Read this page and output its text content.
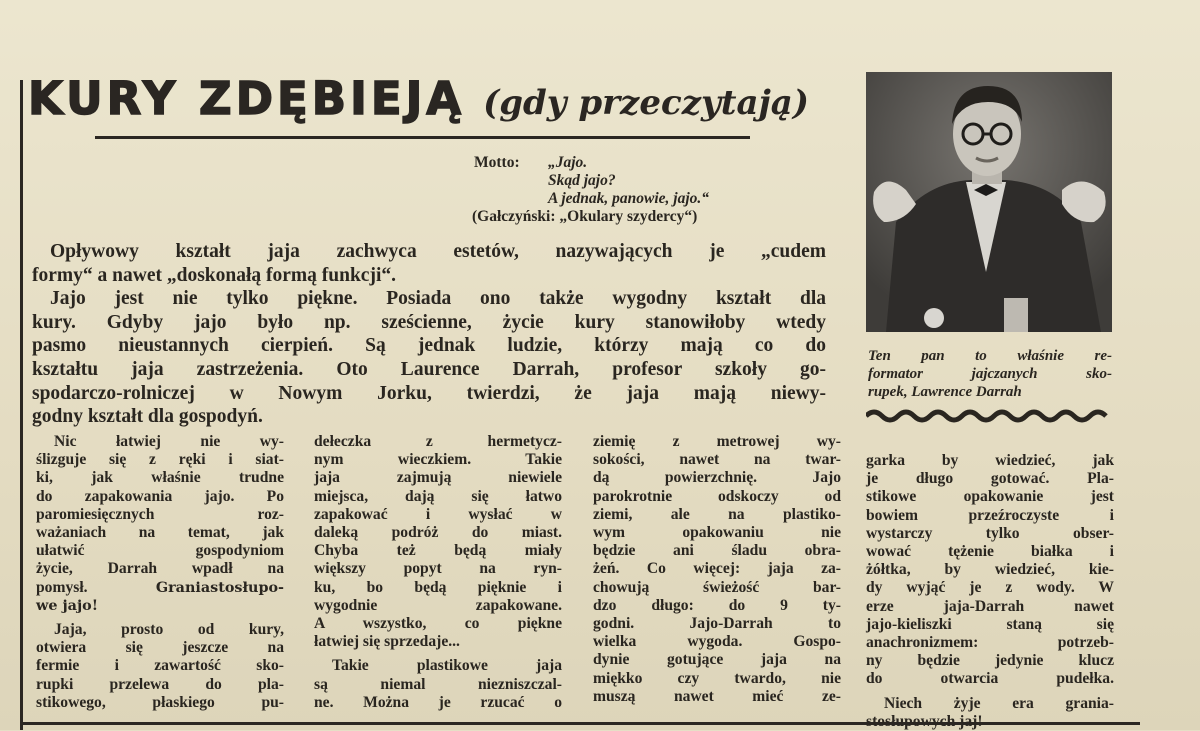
KURY ZDĘBIEJĄ (gdy przeczytają)
Motto: „Jajo.
Skąd jajo?
A jednak, panowie, jajo.“
(Gałczyński: „Okulary szydercy“)
Opływowy kształt jaja zachwyca estetów, nazywających je „cudem
formy“ a nawet „doskonałą formą funkcji“.
Jajo jest nie tylko piękne. Posiada ono także wygodny kształt dla
kury. Gdyby jajo było np. sześcienne, życie kury stanowiłoby wtedy
pasmo nieustannych cierpień. Są jednak ludzie, którzy mają co do
kształtu jaja zastrzeżenia. Oto Laurence Darrah, profesor szkoły go-
spodarczo-rolniczej w Nowym Jorku, twierdzi, że jaja mają niewy-
godny kształt dla gospodyń.
Nic łatwiej nie wy-
ślizguje się z ręki i siat-
ki, jak właśnie trudne
do zapakowania jajo. Po
paromiesięcznych roz-
ważaniach na temat, jak
ułatwić gospodyniom
życie, Darrah wpadł na
pomysł. Graniastosłupo-
we jajo!
Jaja, prosto od kury,
otwiera się jeszcze na
fermie i zawartość sko-
rupki przelewa do pla-
stikowego, płaskiego pu-
dełeczka z hermetycz-
nym wieczkiem. Takie
jaja zajmują niewiele
miejsca, dają się łatwo
zapakować i wysłać w
daleką podróż do miast.
Chyba też będą miały
większy popyt na ryn-
ku, bo będą pięknie i
wygodnie zapakowane.
A wszystko, co piękne
łatwiej się sprzedaje...
Takie plastikowe jaja
są niemal niezniszczal-
ne. Można je rzucać o
ziemię z metrowej wy-
sokości, nawet na twar-
dą powierzchnię. Jajo
parokrotnie odskoczy od
ziemi, ale na plastiko-
wym opakowaniu nie
będzie ani śladu obra-
żeń. Co więcej: jaja za-
chowują świeżość bar-
dzo długo: do 9 ty-
godni. Jajo-Darrah to
wielka wygoda. Gospo-
dynie gotujące jaja na
miękko czy twardo, nie
muszą nawet mieć ze-
garka by wiedzieć, jak
je długo gotować. Pla-
stikowe opakowanie jest
bowiem przeźroczyste i
wystarczy tylko obser-
wować tężenie białka i
żółtka, by wiedzieć, kie-
dy wyjąć je z wody. W
erze jaja-Darrah nawet
jajo-kieliszki staną się
anachronizmem: potrzeb-
ny będzie jedynie klucz
do otwarcia pudełka.
Niech żyje era grania-
stosłupowych jaj!
Ten pan to właśnie re-
formator jajczanych sko-
rupek, Lawrence Darrah
